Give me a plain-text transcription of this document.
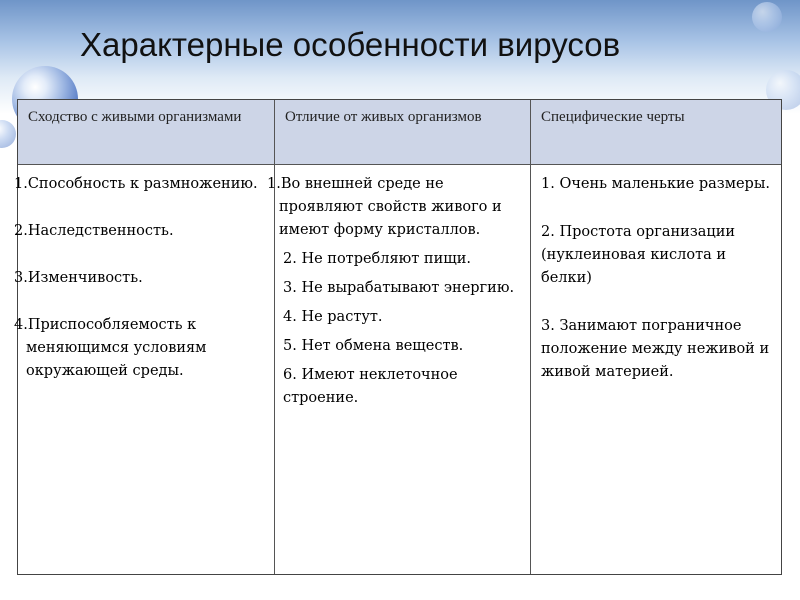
Характерные особенности вирусов
Сходство с живыми организмами

1.Способность к размножению.

2.Наследственность.

3.Изменчивость.

4.Приспособляемость к меняющимся условиям окружающей среды.

Отличие от живых организмов

1.Во внешней среде не проявляют свойств живого и имеют форму кристаллов.

2. Не потребляют пищи.

3. Не вырабатывают энергию.

4. Не растут.

5. Нет обмена веществ.

6. Имеют неклеточное строение.

Специфические черты

1. Очень маленькие размеры.

2. Простота организации (нуклеиновая кислота и белки)

3. Занимают пограничное положение между неживой и живой материей.
